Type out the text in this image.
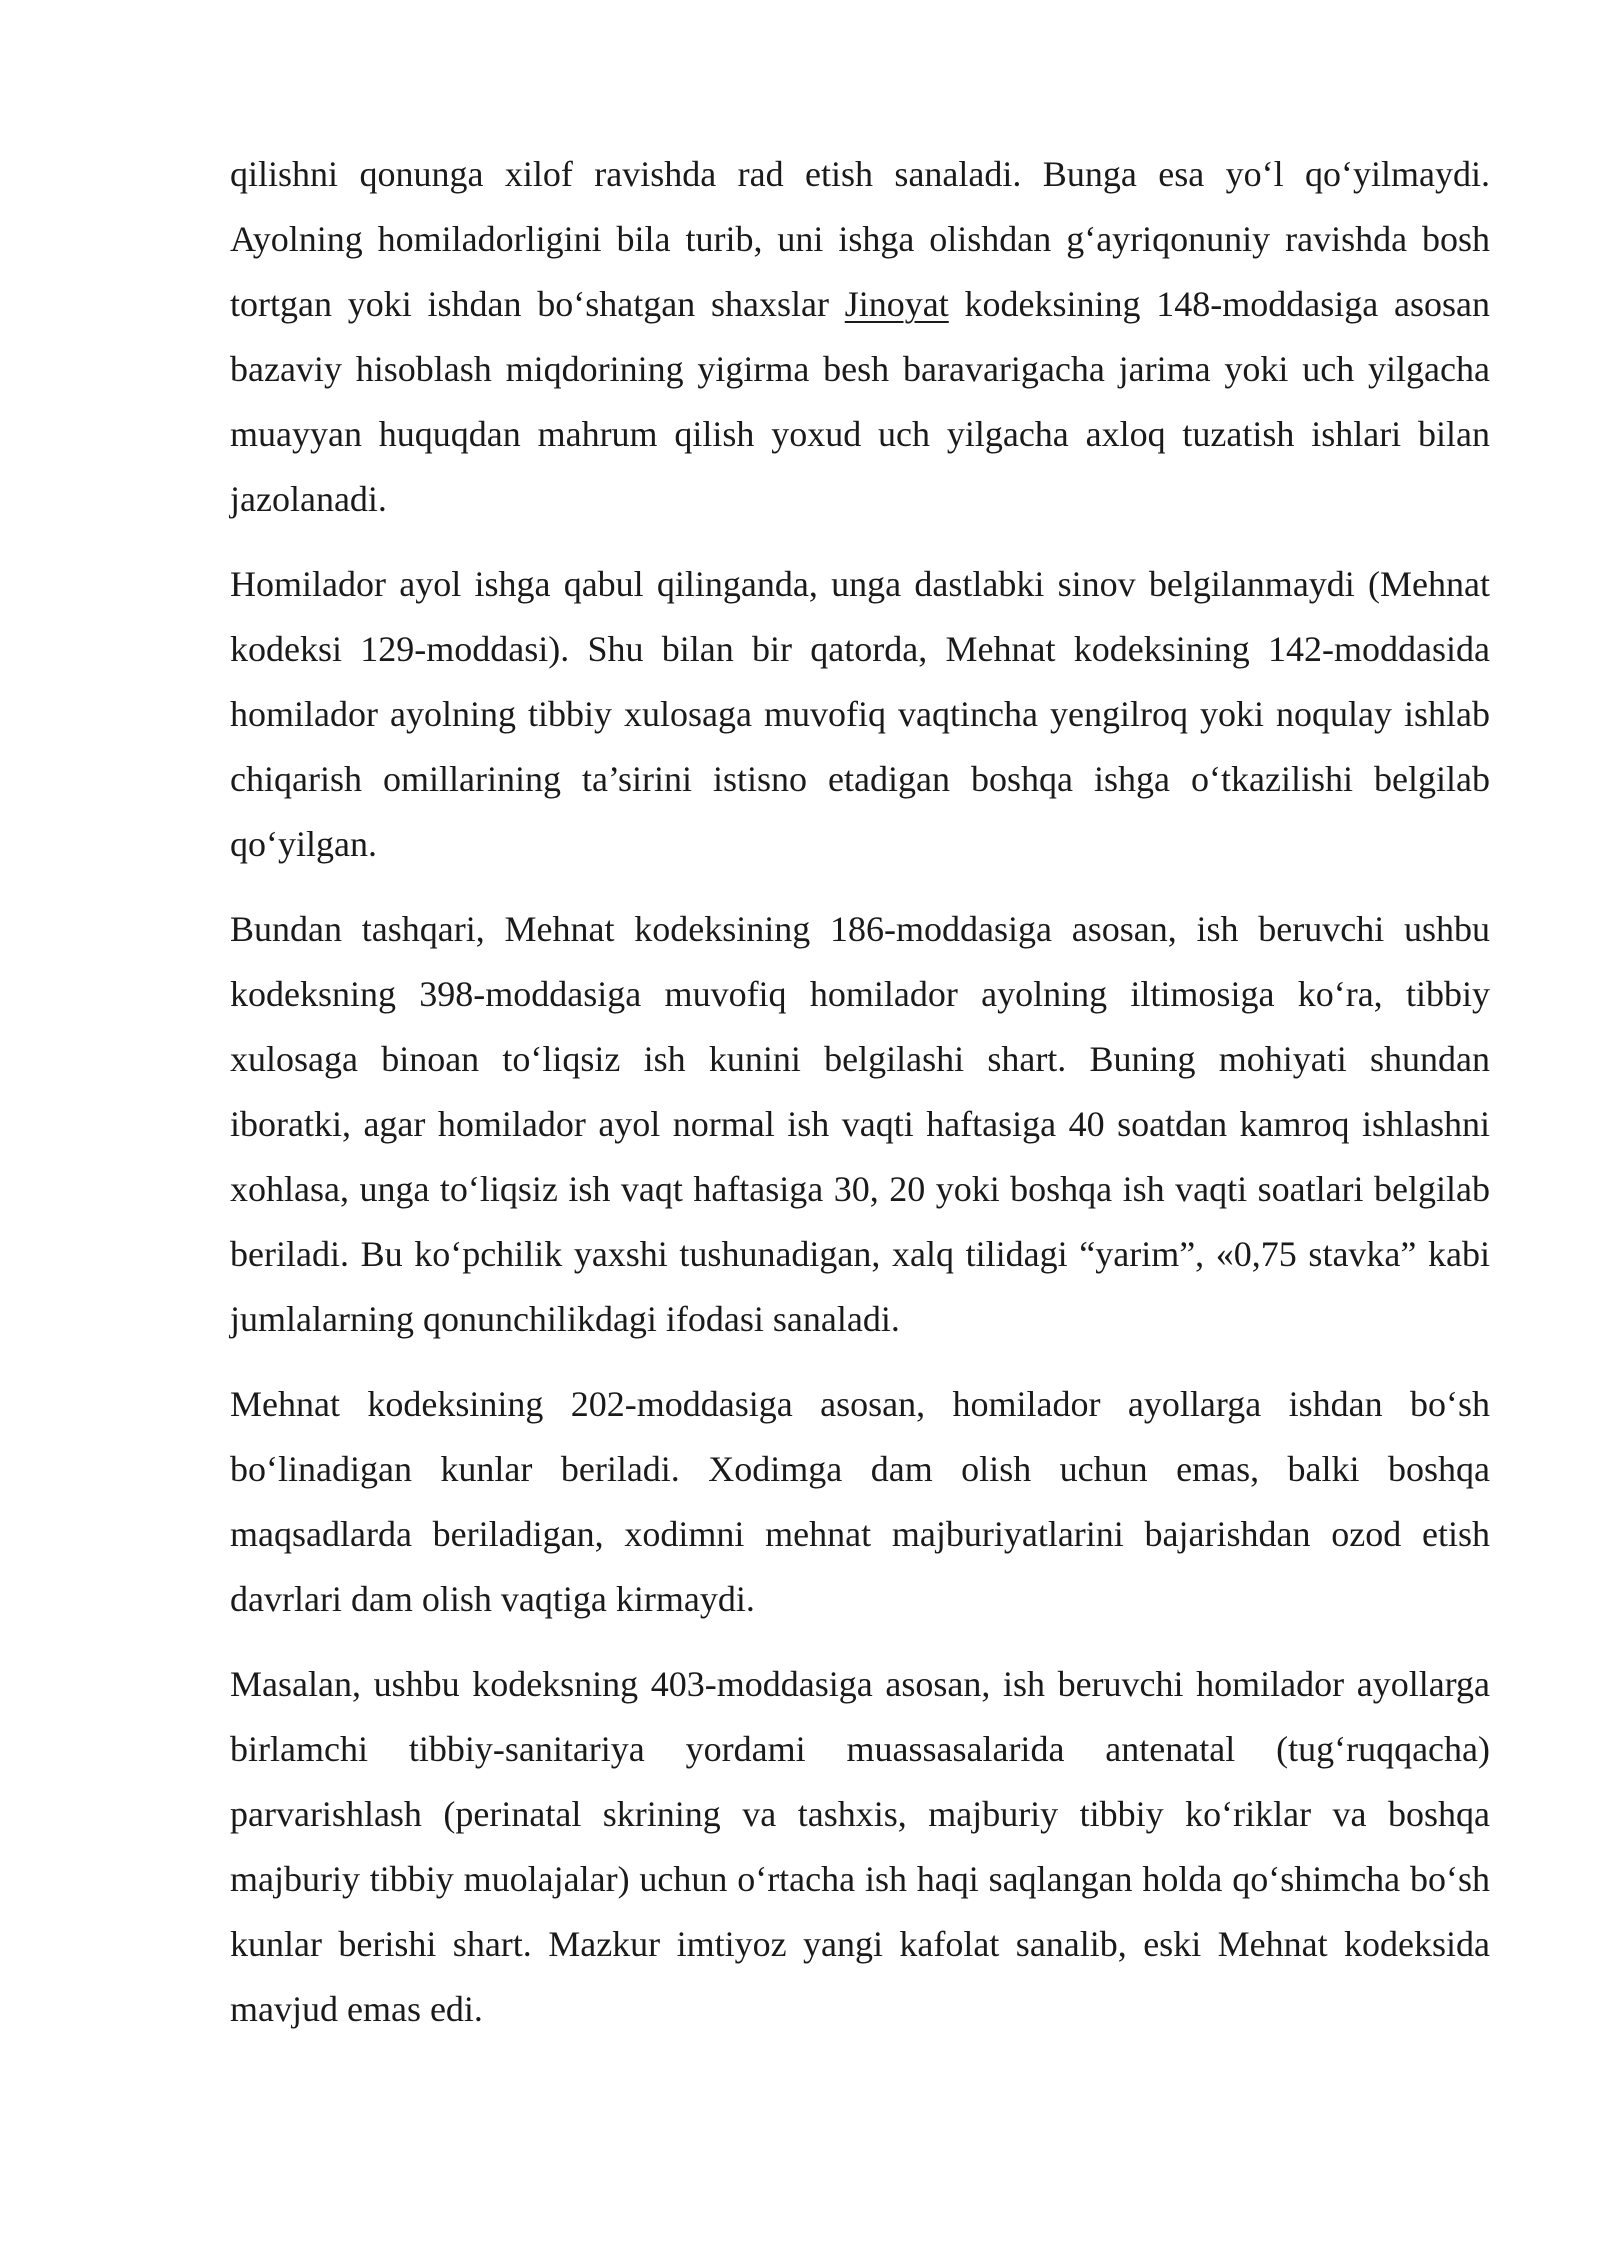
qilishni qonunga xilof ravishda rad etish sanaladi. Bunga esa yo‘l qo‘yilmaydi. Ayolning homiladorligini bila turib, uni ishga olishdan g‘ayriqonuniy ravishda bosh tortgan yoki ishdan bo‘shatgan shaxslar Jinoyat kodeksining 148-moddasiga asosan bazaviy hisoblash miqdorining yigirma besh baravarigacha jarima yoki uch yilgacha muayyan huquqdan mahrum qilish yoxud uch yilgacha axloq tuzatish ishlari bilan jazolanadi.

Homilador ayol ishga qabul qilinganda, unga dastlabki sinov belgilanmaydi (Mehnat kodeksi 129-moddasi). Shu bilan bir qatorda, Mehnat kodeksining 142-moddasida homilador ayolning tibbiy xulosaga muvofiq vaqtincha yengilroq yoki noqulay ishlab chiqarish omillarining ta’sirini istisno etadigan boshqa ishga o‘tkazilishi belgilab qo‘yilgan.

Bundan tashqari, Mehnat kodeksining 186-moddasiga asosan, ish beruvchi ushbu kodeksning 398-moddasiga muvofiq homilador ayolning iltimosiga ko‘ra, tibbiy xulosaga binoan to‘liqsiz ish kunini belgilashi shart. Buning mohiyati shundan iboratki, agar homilador ayol normal ish vaqti haftasiga 40 soatdan kamroq ishlashni xohlasa, unga to‘liqsiz ish vaqt haftasiga 30, 20 yoki boshqa ish vaqti soatlari belgilab beriladi. Bu ko‘pchilik yaxshi tushunadigan, xalq tilidagi “yarim”, «0,75 stavka” kabi jumlalarning qonunchilikdagi ifodasi sanaladi.

Mehnat kodeksining 202-moddasiga asosan, homilador ayollarga ishdan bo‘sh bo‘linadigan kunlar beriladi. Xodimga dam olish uchun emas, balki boshqa maqsadlarda beriladigan, xodimni mehnat majburiyatlarini bajarishdan ozod etish davrlari dam olish vaqtiga kirmaydi.

Masalan, ushbu kodeksning 403-moddasiga asosan, ish beruvchi homilador ayollarga birlamchi tibbiy-sanitariya yordami muassasalarida antenatal (tug‘ruqqacha) parvarishlash (perinatal skrining va tashxis, majburiy tibbiy ko‘riklar va boshqa majburiy tibbiy muolajalar) uchun o‘rtacha ish haqi saqlangan holda qo‘shimcha bo‘sh kunlar berishi shart. Mazkur imtiyoz yangi kafolat sanalib, eski Mehnat kodeksida mavjud emas edi.
